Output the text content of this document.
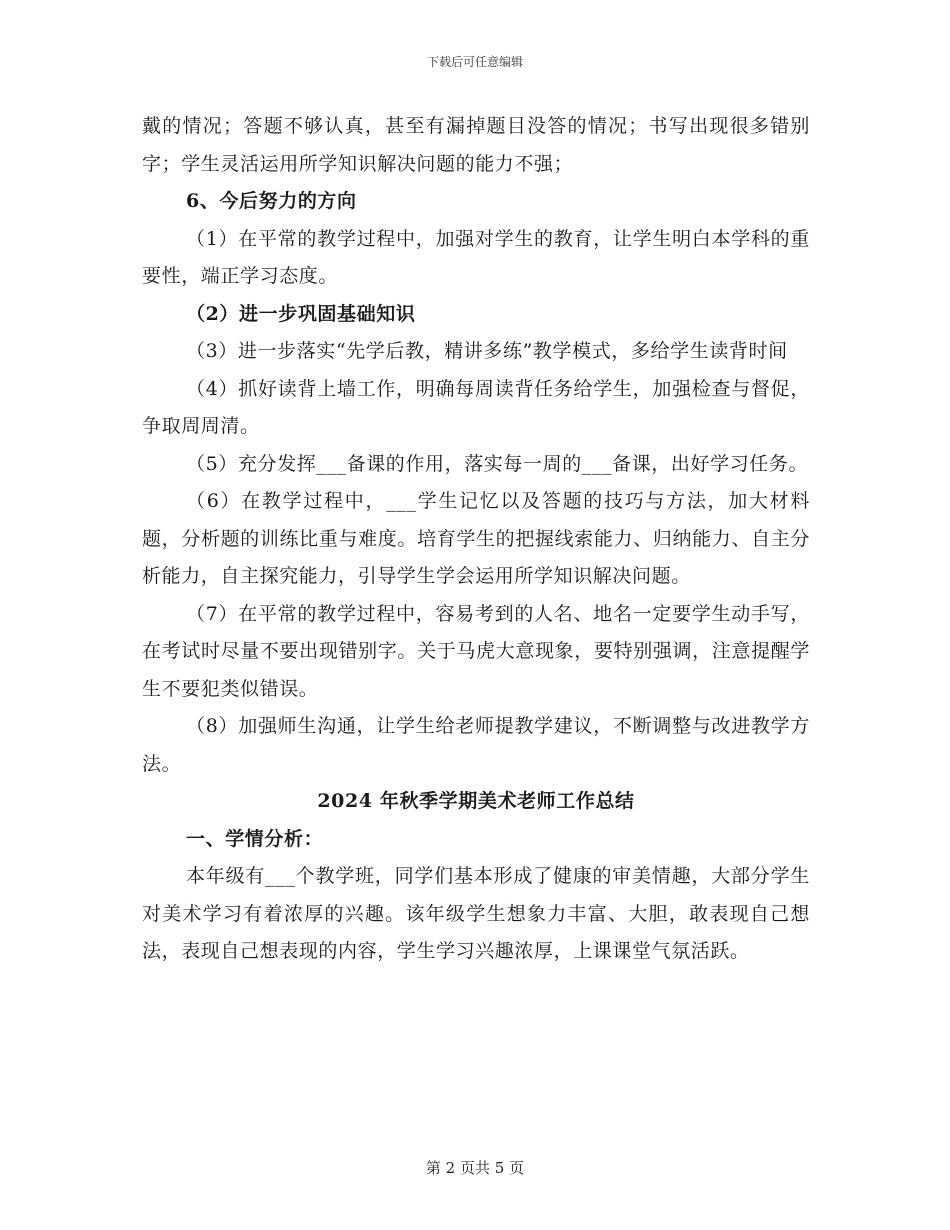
下载后可任意编辑

戴的情况；答题不够认真，甚至有漏掉题目没答的情况；书写出现很多错别字；学生灵活运用所学知识解决问题的能力不强；

6、今后努力的方向

（1）在平常的教学过程中，加强对学生的教育，让学生明白本学科的重要性，端正学习态度。

（2）进一步巩固基础知识

（3）进一步落实“先学后教，精讲多练”教学模式，多给学生读背时间

（4）抓好读背上墙工作，明确每周读背任务给学生，加强检查与督促，争取周周清。

（5）充分发挥___备课的作用，落实每一周的___备课，出好学习任务。

（6）在教学过程中，___学生记忆以及答题的技巧与方法，加大材料题，分析题的训练比重与难度。培育学生的把握线索能力、归纳能力、自主分析能力，自主探究能力，引导学生学会运用所学知识解决问题。

（7）在平常的教学过程中，容易考到的人名、地名一定要学生动手写，在考试时尽量不要出现错别字。关于马虎大意现象，要特别强调，注意提醒学生不要犯类似错误。

（8）加强师生沟通，让学生给老师提教学建议，不断调整与改进教学方法。

2024 年秋季学期美术老师工作总结

一、学情分析：

本年级有___个教学班，同学们基本形成了健康的审美情趣，大部分学生对美术学习有着浓厚的兴趣。该年级学生想象力丰富、大胆，敢表现自己想法，表现自己想表现的内容，学生学习兴趣浓厚，上课课堂气氛活跃。

第 2 页共 5 页
